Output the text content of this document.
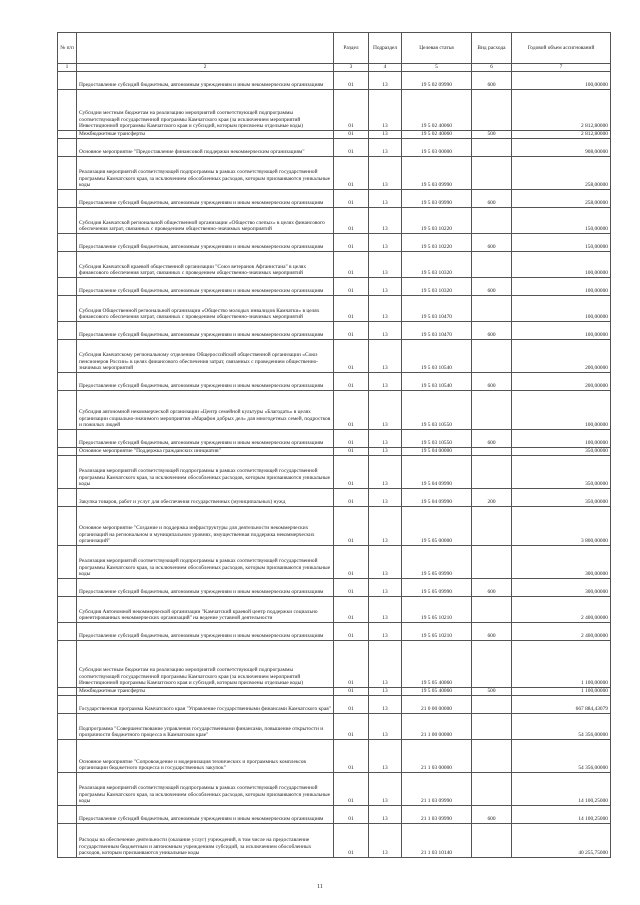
№ п/п		Раздел	Подраздел	Целевая статья	Вид расхода	Годовой объем ассигнований
1	2	3	4	5	6	7
	Предоставление субсидий бюджетным, автономным учреждениям и иным некоммерческим организациям	01	13	19 5 02 09990	600	100,00000
	Субсидии местным бюджетам на реализацию мероприятий соответствующей подпрограммы соответствующей государственной программы Камчатского края (за исключением мероприятий Инвестиционной программы Камчатского края и субсидий, которым присвоены отдельные коды)	01	13	19 5 02 40060		2 812,80000
	Межбюджетные трансферты	01	13	19 5 02 40060	500	2 812,80000
	Основное мероприятие "Предоставление финансовой поддержки некоммерческим организациям"	01	13	19 5 03 00000		908,00000
	Реализация мероприятий соответствующей подпрограммы в рамках соответствующей государственной программы Камчатского края, за исключением обособленных расходов, которым присваиваются уникальные коды	01	13	19 5 03 09990		258,00000
	Предоставление субсидий бюджетным, автономным учреждениям и иным некоммерческим организациям	01	13	19 5 03 09990	600	258,00000
	Субсидия Камчатской региональной общественной организации «Общество слепых» в целях финансового обеспечения затрат, связанных с проведением общественно-значимых мероприятий	01	13	19 5 03 10220		150,00000
	Предоставление субсидий бюджетным, автономным учреждениям и иным некоммерческим организациям	01	13	19 5 03 10220	600	150,00000
	Субсидия Камчатской краевой общественной организации "Союз ветеранов Афганистана" в целях финансового обеспечения затрат, связанных с проведением общественно-значимых мероприятий	01	13	19 5 03 10320		100,00000
	Предоставление субсидий бюджетным, автономным учреждениям и иным некоммерческим организациям	01	13	19 5 03 10320	600	100,00000
	Субсидия Общественной региональной организации «Общество молодых инвалидов Камчатки» в целях финансового обеспечения затрат, связанных с проведением общественно-значимых мероприятий	01	13	19 5 03 10470		100,00000
	Предоставление субсидий бюджетным, автономным учреждениям и иным некоммерческим организациям	01	13	19 5 03 10470	600	100,00000
	Субсидия Камчатскому региональному отделению Общероссийской общественной организации «Союз пенсионеров России» в целях финансового обеспечения затрат, связанных с проведением общественно-значимых мероприятий	01	13	19 5 03 10540		200,00000
	Предоставление субсидий бюджетным, автономным учреждениям и иным некоммерческим организациям	01	13	19 5 03 10540	600	200,00000
	Субсидия автономной некоммерческой организации «Центр семейной культуры «Благодать» в целях организации социально-значимого мероприятия «Марафон добрых дел» для многодетных семей, подростков и пожилых людей	01	13	19 5 03 10550		100,00000
	Предоставление субсидий бюджетным, автономным учреждениям и иным некоммерческим организациям	01	13	19 5 03 10550	600	100,00000
	Основное мероприятие "Поддержка гражданских инициатив"	01	13	19 5 04 00000		350,00000
	Реализация мероприятий соответствующей подпрограммы в рамках соответствующей государственной программы Камчатского края, за исключением обособленных расходов, которым присваиваются уникальные коды	01	13	19 5 04 09990		350,00000
	Закупка товаров, работ и услуг для обеспечения государственных (муниципальных) нужд	01	13	19 5 04 09990	200	350,00000
	Основное мероприятие "Создание и поддержка инфраструктуры для деятельности некоммерческих организаций на региональном и муниципальном уровнях, имущественная поддержка некоммерческих организаций"	01	13	19 5 05 00000		3 800,00000
	Реализация мероприятий соответствующей подпрограммы в рамках соответствующей государственной программы Камчатского края, за исключением обособленных расходов, которым присваиваются уникальные коды	01	13	19 5 05 09990		300,00000
	Предоставление субсидий бюджетным, автономным учреждениям и иным некоммерческим организациям	01	13	19 5 05 09990	600	300,00000
	Субсидия Автономной некоммерческой организации "Камчатский краевой центр поддержки социально ориентированных некоммерческих организаций" на ведение уставной деятельности	01	13	19 5 05 10210		2 400,00000
	Предоставление субсидий бюджетным, автономным учреждениям и иным некоммерческим организациям	01	13	19 5 05 10210	600	2 400,00000
	Субсидии местным бюджетам на реализацию мероприятий соответствующей подпрограммы соответствующей государственной программы Камчатского края (за исключением мероприятий Инвестиционной программы Камчатского края и субсидий, которым присвоены отдельные коды)	01	13	19 5 05 40060		1 100,00000
	Межбюджетные трансферты	01	13	19 5 05 40060	500	1 100,00000
	Государственная программа Камчатского края "Управление государственными финансами Камчатского края"	01	13	21 0 00 00000		667 884,43079
	Подпрограмма "Совершенствование управления государственными финансами, повышение открытости и прозрачности бюджетного процесса в Камчатском крае"	01	13	21 1 00 00000		54 356,00000
	Основное мероприятие "Сопровождение и модернизация технических и программных комплексов организации бюджетного процесса и государственных закупок"	01	13	21 1 03 00000		54 356,00000
	Реализация мероприятий соответствующей подпрограммы в рамках соответствующей государственной программы Камчатского края, за исключением обособленных расходов, которым присваиваются уникальные коды	01	13	21 1 03 09990		14 100,25000
	Предоставление субсидий бюджетным, автономным учреждениям и иным некоммерческим организациям	01	13	21 1 03 09990	600	14 100,25000
	Расходы на обеспечение деятельности (оказание услуг) учреждений, в том числе на предоставление государственным бюджетным и автономным учреждениям субсидий, за исключением обособленных расходов, которым присваиваются уникальные коды	01	13	21 1 03 10140		40 255,75000
11
